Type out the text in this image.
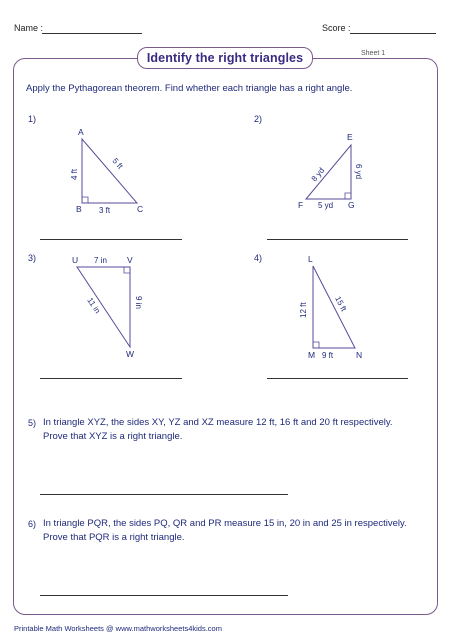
Name :	Score :
Identify the right triangles	Sheet 1
Apply the Pythagorean theorem. Find whether each triangle has a right angle.
1)	2)
3)	4)
A
B	C
5 ft
4 ft
3 ft
E
F	G
8 yd	6 yd
5 yd
U	V
W
7 in
11 in	9 in
L
M	N
12 ft	15 ft
9 ft
5) In triangle XYZ, the sides XY, YZ and XZ measure 12 ft, 16 ft and 20 ft respectively.
Prove that XYZ is a right triangle.
6) In triangle PQR, the sides PQ, QR and PR measure 15 in, 20 in and 25 in respectively.
Prove that PQR is a right triangle.
Printable Math Worksheets @ www.mathworksheets4kids.com
